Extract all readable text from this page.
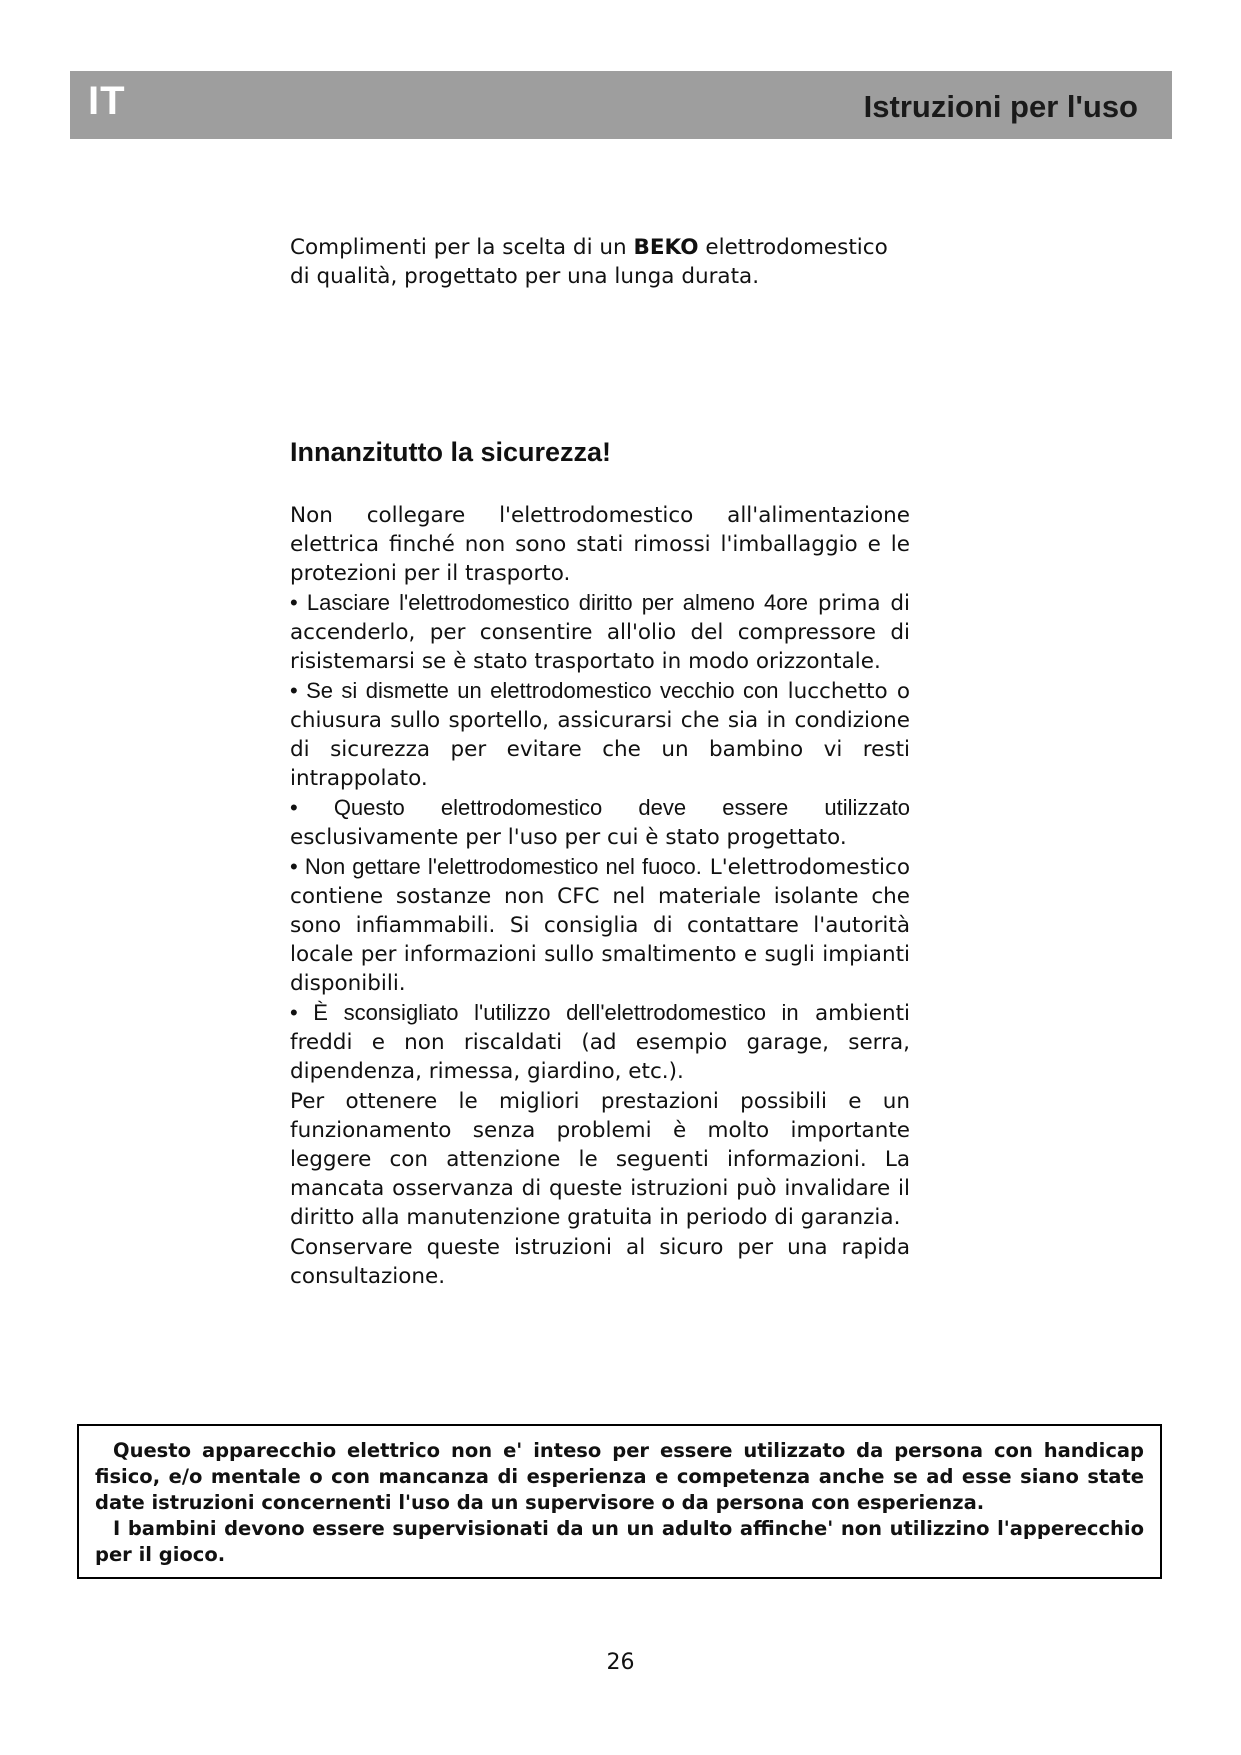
IT	Istruzioni per l'uso
Complimenti per la scelta di un BEKO elettrodomestico di qualità, progettato per una lunga durata.
Innanzitutto la sicurezza!

Non collegare l'elettrodomestico all'alimentazione elettrica finché non sono stati rimossi l'imballaggio e le protezioni per il trasporto.

• Lasciare l'elettrodomestico diritto per almeno 4ore prima di accenderlo, per consentire all'olio del compressore di risistemarsi se è stato trasportato in modo orizzontale.

• Se si dismette un elettrodomestico vecchio con lucchetto o chiusura sullo sportello, assicurarsi che sia in condizione di sicurezza per evitare che un bambino vi resti intrappolato.

• Questo elettrodomestico deve essere utilizzato esclusivamente per l'uso per cui è stato progettato.

• Non gettare l'elettrodomestico nel fuoco. L'elettrodomestico contiene sostanze non CFC nel materiale isolante che sono infiammabili. Si consiglia di contattare l'autorità locale per informazioni sullo smaltimento e sugli impianti disponibili.

• È sconsigliato l'utilizzo dell'elettrodomestico in ambienti freddi e non riscaldati (ad esempio garage, serra, dipendenza, rimessa, giardino, etc.).

Per ottenere le migliori prestazioni possibili e un funzionamento senza problemi è molto importante leggere con attenzione le seguenti informazioni. La mancata osservanza di queste istruzioni può invalidare il diritto alla manutenzione gratuita in periodo di garanzia.

Conservare queste istruzioni al sicuro per una rapida consultazione.

Questo apparecchio elettrico non e' inteso per essere utilizzato da persona con handicap fisico, e/o mentale o con mancanza di esperienza e competenza anche se ad esse siano state date istruzioni concernenti l'uso da un supervisore o da persona con esperienza.

I bambini devono essere supervisionati da un un adulto affinche' non utilizzino l'apperecchio per il gioco.

26
